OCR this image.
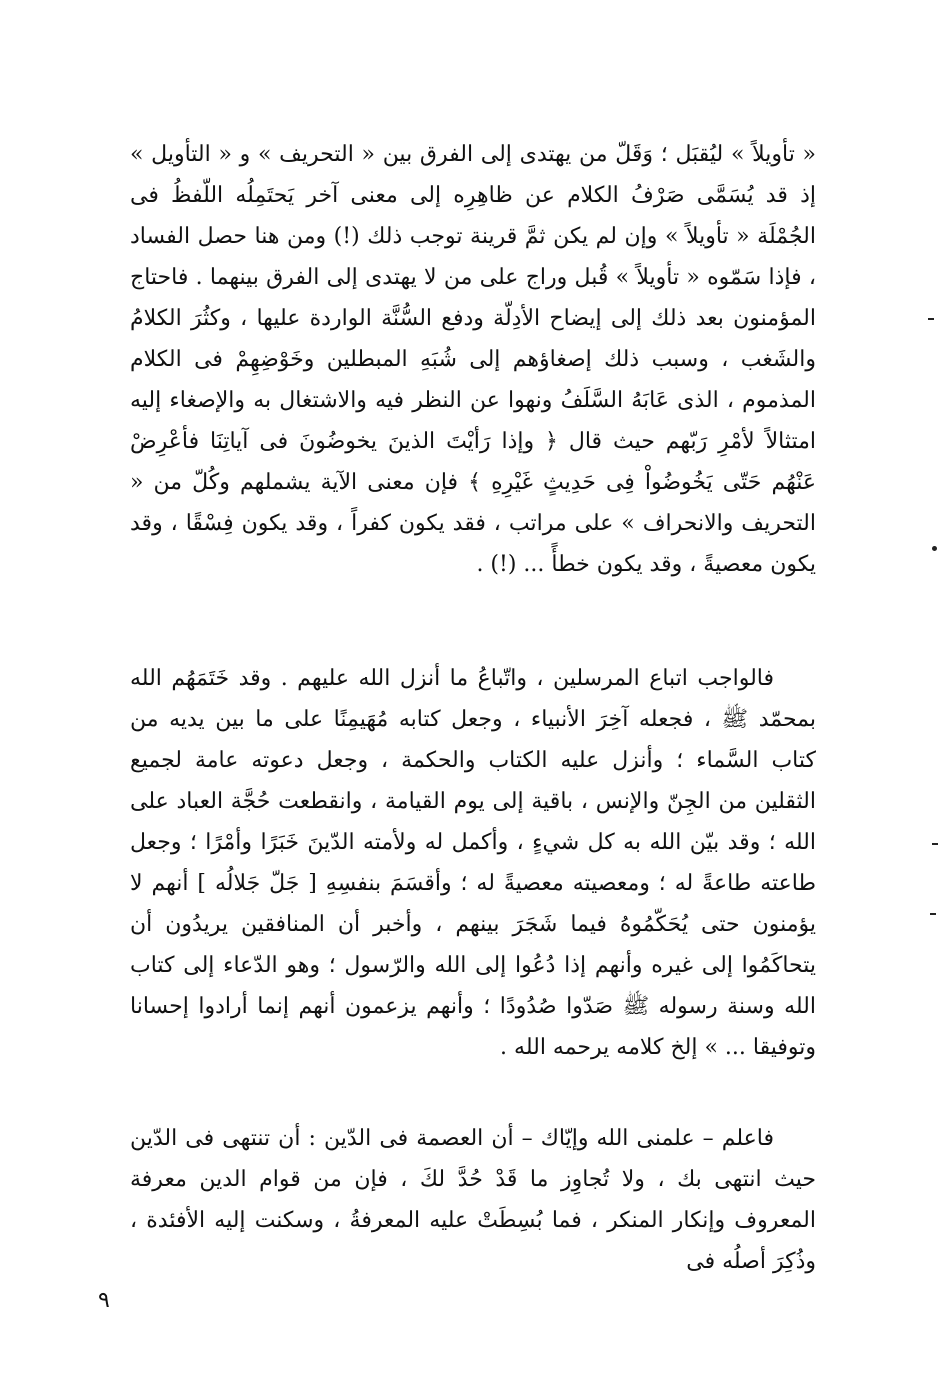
« تأويلاً » ليُقبَل ؛ وَقَلّ من يهتدى إلى الفرق بين « التحريف » و « التأويل » إذ قد يُسَمَّى صَرْفُ الكلام عن ظاهِرِه إلى معنى آخر يَحتَمِلُه اللّفظُ فى الجُمْلَة « تأويلاً » وإن لم يكن ثمَّ قرينة توجب ذلك (!) ومن هنا حصل الفساد ، فإذا سَمّوه « تأويلاً » قُبل وراج على من لا يهتدى إلى الفرق بينهما . فاحتاج المؤمنون بعد ذلك إلى إيضاح الأدِلّة ودفع السُّنَّة الواردة عليها ، وكثُرَ الكلامُ والشَغب ، وسبب ذلك إصغاؤهم إلى شُبَهِ المبطلين وخَوْضِهِمْ فى الكلام المذموم ، الذى عَابَهُ السَّلَفُ ونهوا عن النظر فيه والاشتغال به والإصغاء إليه امتثالاً لأمْرِ رَبّهم حيث قال ﴿ وإذا رَأيْتَ الذينَ يخوضُونَ فى آياتِنَا فأعْرِضْ عَنْهُم حَتّى يَخُوضُواْ فِى حَدِيثٍ غَيْرِهِ ﴾ فإن معنى الآية يشملهم وكُلّ من « التحريف والانحراف » على مراتب ، فقد يكون كفراً ، وقد يكون فِسْقًا ، وقد يكون معصيةً ، وقد يكون خطأً ... (!) .

فالواجب اتباع المرسلين ، واتّباعُ ما أنزل الله عليهم . وقد خَتَمَهُم الله بمحمّد ﷺ ، فجعله آخِرَ الأنبياء ، وجعل كتابه مُهَيمِنًا على ما بين يديه من كتاب السَّماء ؛ وأنزل عليه الكتاب والحكمة ، وجعل دعوته عامة لجميع الثقلين من الجِنّ والإنس ، باقية إلى يوم القيامة ، وانقطعت حُجَّة العباد على الله ؛ وقد بيّن الله به كل شيءٍ ، وأكمل له ولأمته الدّينَ خَبَرًا وأمْرًا ؛ وجعل طاعته طاعةً له ؛ ومعصيته معصيةً له ؛ وأقسَمَ بنفسِهِ [ جَلّ جَلالُه ] أنهم لا يؤمنون حتى يُحَكّمُوهُ فيما شَجَرَ بينهم ، وأخبر أن المنافقين يريدُون أن يتحاكَمُوا إلى غيره وأنهم إذا دُعُوا إلى الله والرّسول ؛ وهو الدّعاء إلى كتاب الله وسنة رسوله ﷺ صَدّوا صُدُودًا ؛ وأنهم يزعمون أنهم إنما أرادوا إحسانا وتوفيقا ... » إلخ كلامه يرحمه الله .

فاعلم – علمنى الله وإيّاك – أن العصمة فى الدّين : أن تنتهى فى الدّين حيث انتهى بك ، ولا تُجاوِز ما قَدْ حُدَّ لكَ ، فإن من قوام الدين معرفة المعروف وإنكار المنكر ، فما بُسِطَتْ عليه المعرفةُ ، وسكنت إليه الأفئدة ، وذُكِرَ أصلُه فى

٩
